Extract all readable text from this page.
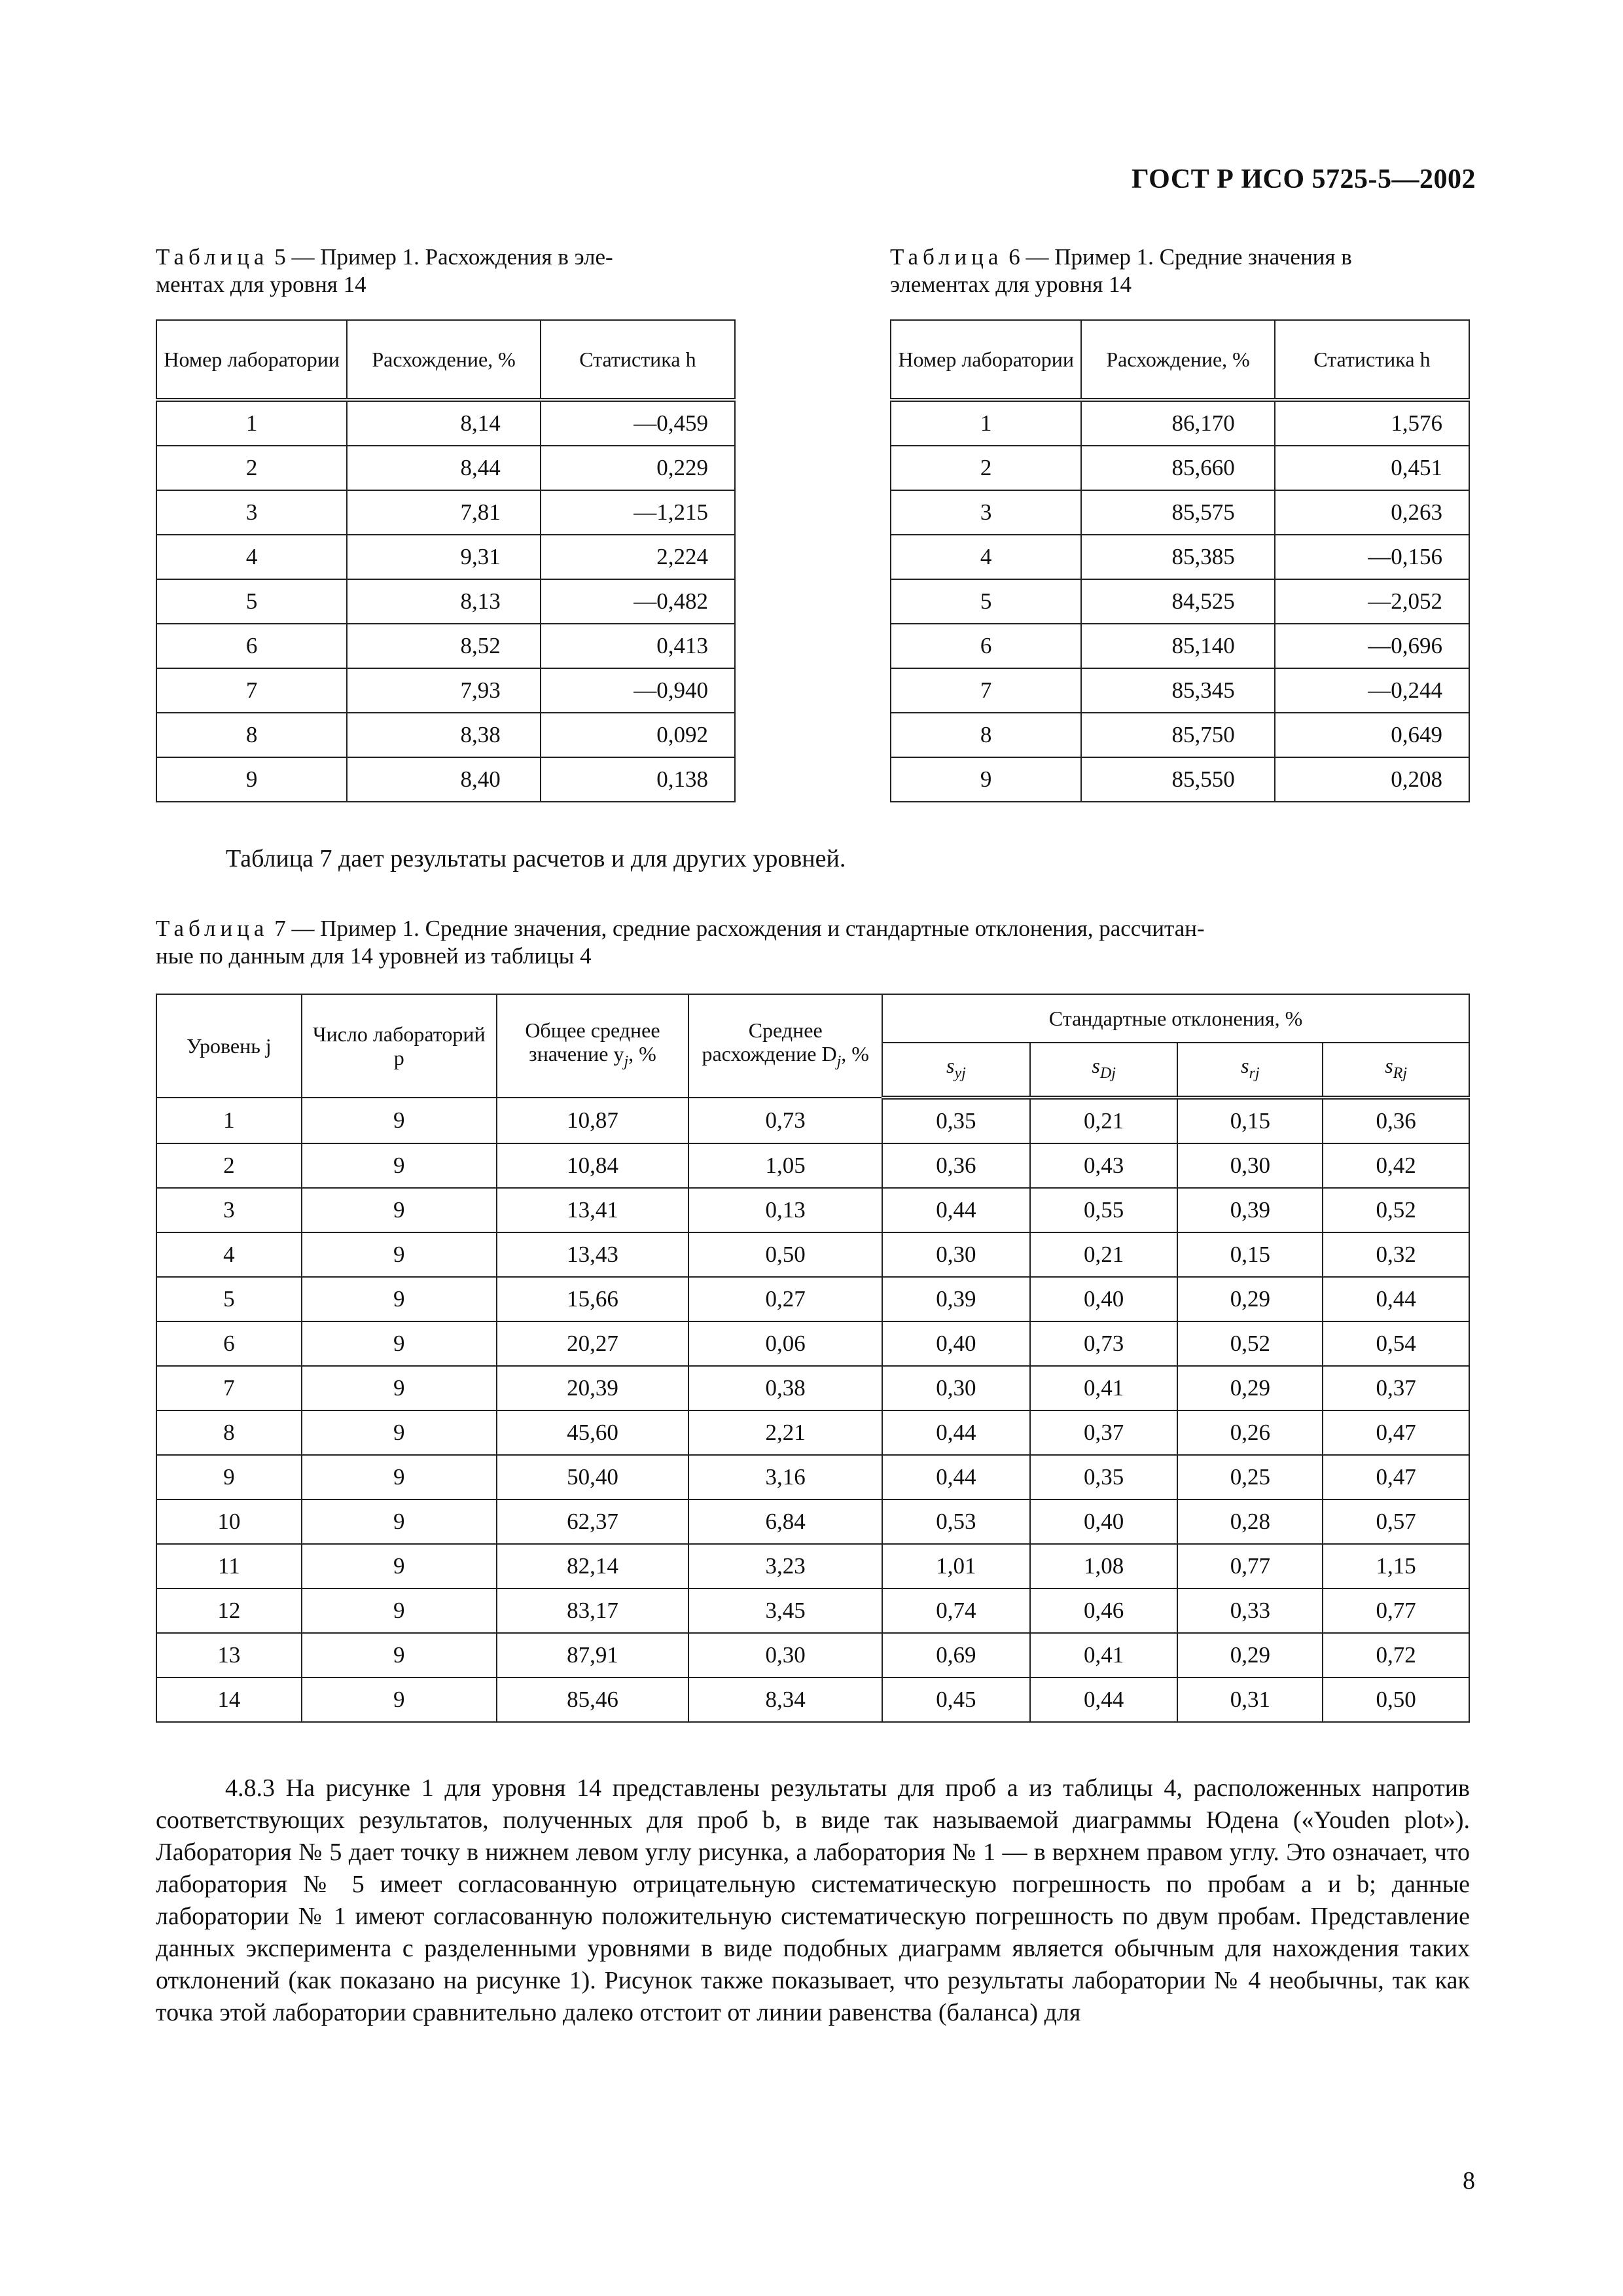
ГОСТ Р ИСО 5725-5—2002
Таблица 5 — Пример 1. Расхождения в эле-
ментах для уровня 14
Таблица 6 — Пример 1. Средние значения в
элементах для уровня 14
Номер лаборатории	Расхождение, %	Статистика h
1	8,14	—0,459
2	8,44	0,229
3	7,81	—1,215
4	9,31	2,224
5	8,13	—0,482
6	8,52	0,413
7	7,93	—0,940
8	8,38	0,092
9	8,40	0,138
Номер лаборатории	Расхождение, %	Статистика h
1	86,170	1,576
2	85,660	0,451
3	85,575	0,263
4	85,385	—0,156
5	84,525	—2,052
6	85,140	—0,696
7	85,345	—0,244
8	85,750	0,649
9	85,550	0,208
Таблица 7 дает результаты расчетов и для других уровней.
Таблица 7 — Пример 1. Средние значения, средние расхождения и стандартные отклонения, рассчитан-
ные по данным для 14 уровней из таблицы 4
Уровень j	Число лабораторий p	Общее среднее значение $y_j$, %	Среднее расхождение $D_j$, %	Стандартные отклонения, %			
				$s_{yj}$	$s_{Dj}$	$s_{rj}$	$s_{Rj}$
1	9	10,87	0,73	0,35	0,21	0,15	0,36
2	9	10,84	1,05	0,36	0,43	0,30	0,42
3	9	13,41	0,13	0,44	0,55	0,39	0,52
4	9	13,43	0,50	0,30	0,21	0,15	0,32
5	9	15,66	0,27	0,39	0,40	0,29	0,44
6	9	20,27	0,06	0,40	0,73	0,52	0,54
7	9	20,39	0,38	0,30	0,41	0,29	0,37
8	9	45,60	2,21	0,44	0,37	0,26	0,47
9	9	50,40	3,16	0,44	0,35	0,25	0,47
10	9	62,37	6,84	0,53	0,40	0,28	0,57
11	9	82,14	3,23	1,01	1,08	0,77	1,15
12	9	83,17	3,45	0,74	0,46	0,33	0,77
13	9	87,91	0,30	0,69	0,41	0,29	0,72
14	9	85,46	8,34	0,45	0,44	0,31	0,50
4.8.3 На рисунке 1 для уровня 14 представлены результаты для проб a из таблицы 4, расположенных напротив соответствующих результатов, полученных для проб b, в виде так называемой диаграммы Юдена («Youden plot»). Лаборатория № 5 дает точку в нижнем левом углу рисунка, а лаборатория № 1 — в верхнем правом углу. Это означает, что лаборатория № 5 имеет согласованную отрицательную систематическую погрешность по пробам a и b; данные лаборатории № 1 имеют согласованную положительную систематическую погрешность по двум пробам. Представление данных эксперимента с разделенными уровнями в виде подобных диаграмм является обычным для нахождения таких отклонений (как показано на рисунке 1). Рисунок также показывает, что результаты лаборатории № 4 необычны, так как точка этой лаборатории сравнительно далеко отстоит от линии равенства (баланса) для
8
